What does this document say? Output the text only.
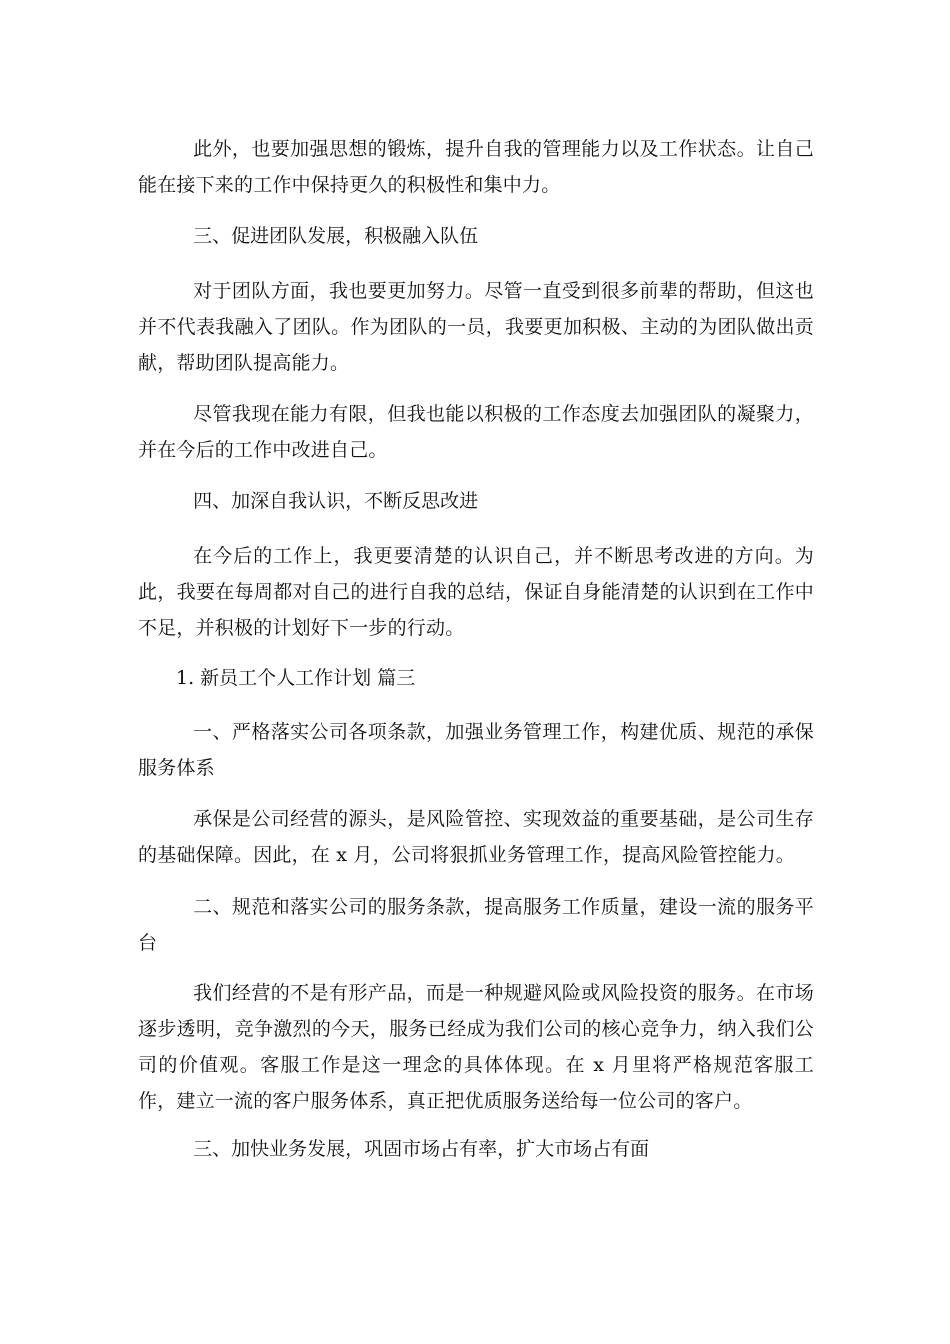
此外，也要加强思想的锻炼，提升自我的管理能力以及工作状态。让自己能在接下来的工作中保持更久的积极性和集中力。

三、促进团队发展，积极融入队伍

对于团队方面，我也要更加努力。尽管一直受到很多前辈的帮助，但这也并不代表我融入了团队。作为团队的一员，我要更加积极、主动的为团队做出贡献，帮助团队提高能力。

尽管我现在能力有限，但我也能以积极的工作态度去加强团队的凝聚力，并在今后的工作中改进自己。

四、加深自我认识，不断反思改进

在今后的工作上，我更要清楚的认识自己，并不断思考改进的方向。为此，我要在每周都对自己的进行自我的总结，保证自身能清楚的认识到在工作中不足，并积极的计划好下一步的行动。

1. 新员工个人工作计划 篇三

一、严格落实公司各项条款，加强业务管理工作，构建优质、规范的承保服务体系

承保是公司经营的源头，是风险管控、实现效益的重要基础，是公司生存的基础保障。因此，在 x 月，公司将狠抓业务管理工作，提高风险管控能力。

二、规范和落实公司的服务条款，提高服务工作质量，建设一流的服务平台

我们经营的不是有形产品，而是一种规避风险或风险投资的服务。在市场逐步透明，竞争激烈的今天，服务已经成为我们公司的核心竞争力，纳入我们公司的价值观。客服工作是这一理念的具体体现。在 x 月里将严格规范客服工作，建立一流的客户服务体系，真正把优质服务送给每一位公司的客户。

三、加快业务发展，巩固市场占有率，扩大市场占有面
